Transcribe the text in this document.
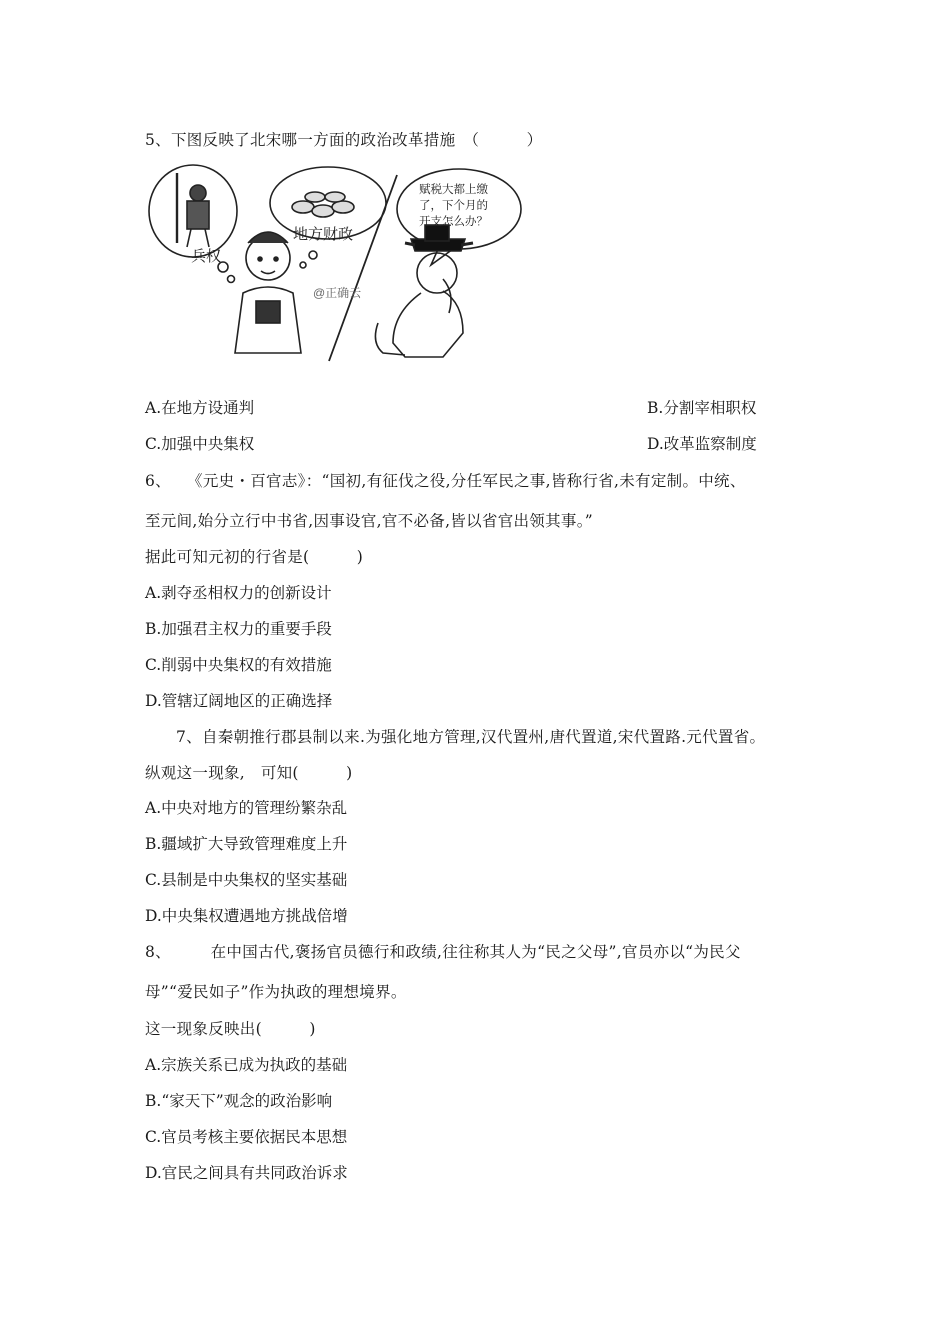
5、下图反映了北宋哪一方面的政治改革措施　（　　　）
兵权
地方财政
@正确云
赋税大都上缴
了，下个月的
开支怎么办？
A.在地方设通判	B.分割宰相职权
C.加强中央集权	D.改革监察制度
6、　　《元史・百官志》：“国初,有征伐之役,分任军民之事,皆称行省,未有定制。中统、
至元间,始分立行中书省,因事设官,官不必备,皆以省官出领其事。”
据此可知元初的行省是(　　　)
A.剥夺丞相权力的创新设计
B.加强君主权力的重要手段
C.削弱中央集权的有效措施
D.管辖辽阔地区的正确选择
7、自秦朝推行郡县制以来.为强化地方管理,汉代置州,唐代置道,宋代置路.元代置省。
纵观这一现象,　可知(　　　)
A.中央对地方的管理纷繁杂乱
B.疆域扩大导致管理难度上升
C.县制是中央集权的坚实基础
D.中央集权遭遇地方挑战倍增
8、　　　在中国古代,褒扬官员德行和政绩,往往称其人为“民之父母”,官员亦以“为民父
母”“爱民如子”作为执政的理想境界。
这一现象反映出(　　　)
A.宗族关系已成为执政的基础
B.“家天下”观念的政治影响
C.官员考核主要依据民本思想
D.官民之间具有共同政治诉求
